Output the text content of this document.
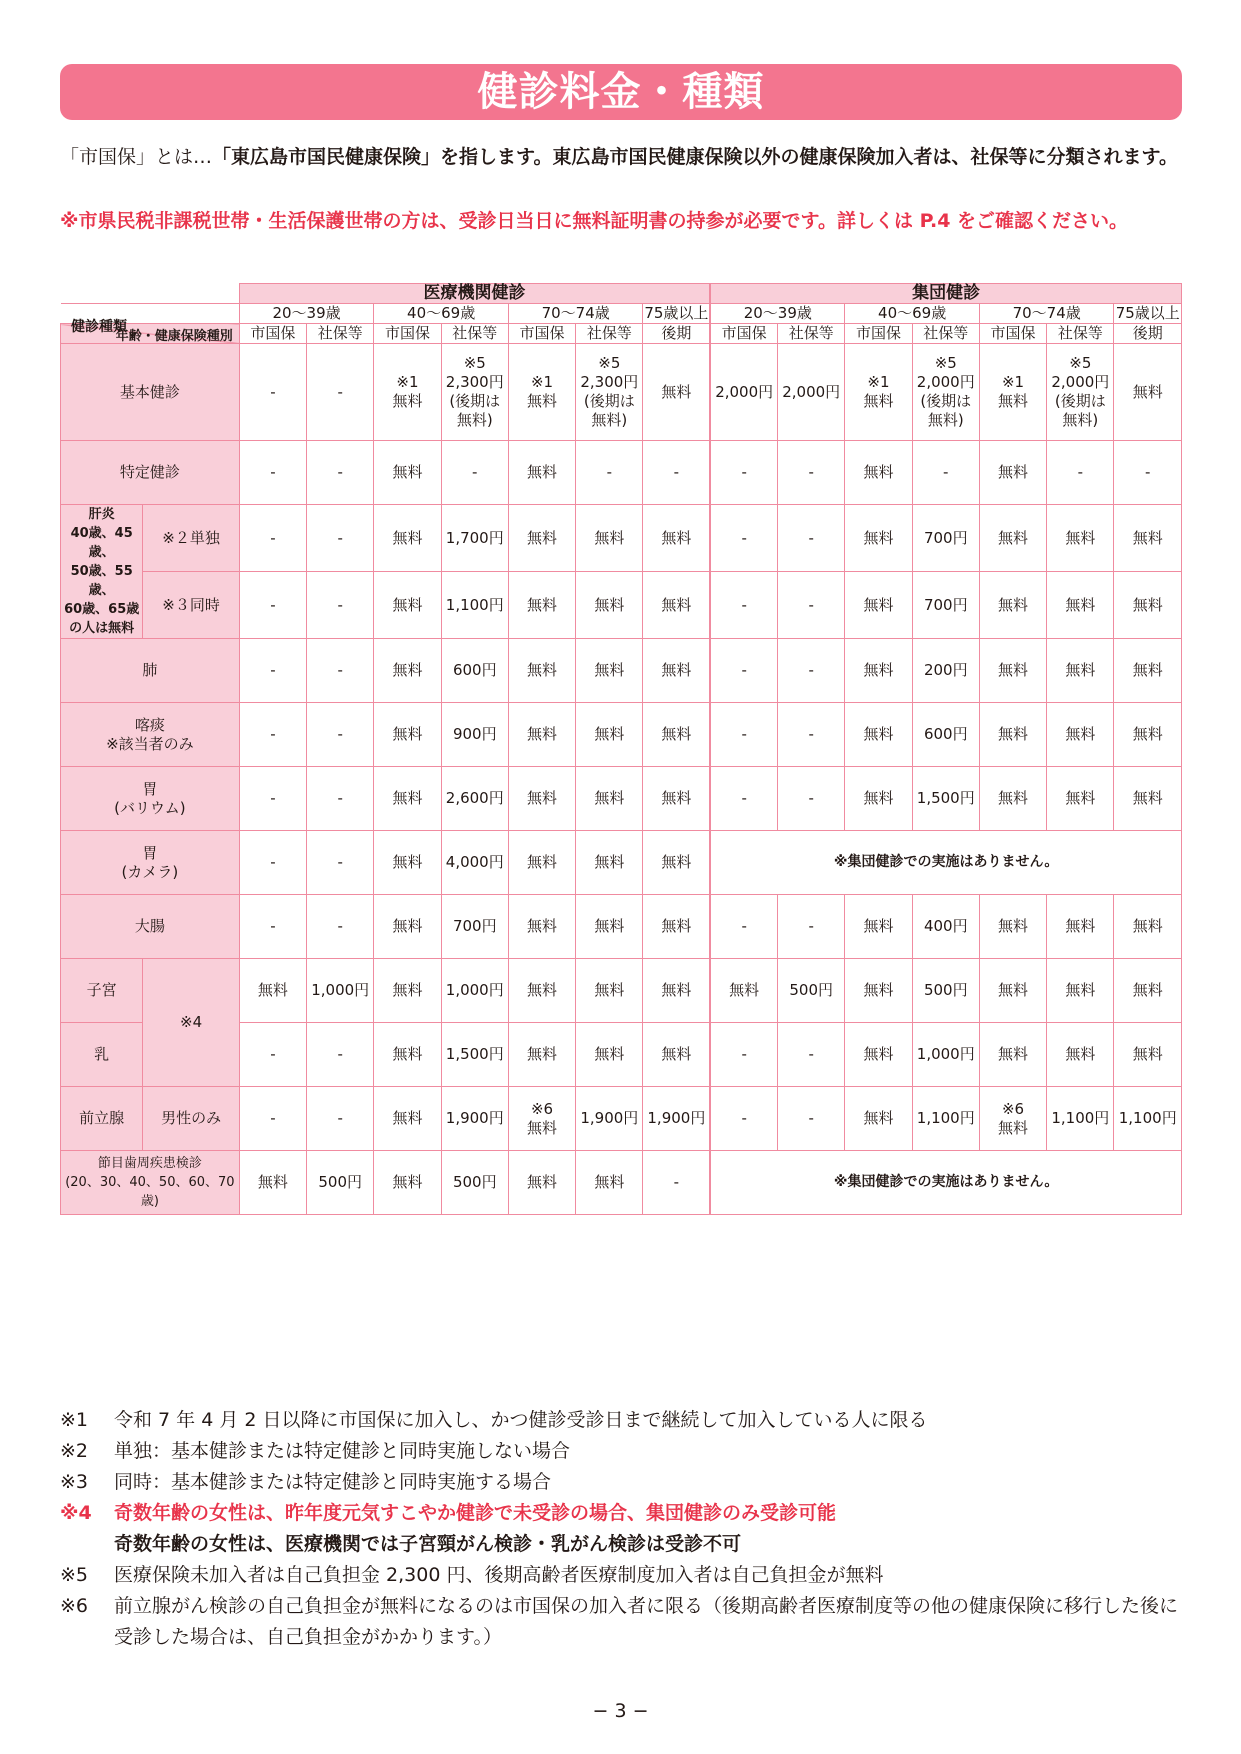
健診料金・種類
「市国保」とは…「東広島市国民健康保険」を指します。東広島市国民健康保険以外の健康保険加入者は、社保等に分類されます。
※市県民税非課税世帯・生活保護世帯の方は、受診日当日に無料証明書の持参が必要です。詳しくは P.4 をご確認ください。
		医療機関健診							集団健診						
		20〜39歳		40〜69歳		70〜74歳		75歳以上	20〜39歳		40〜69歳		70〜74歳		75歳以上

年齢・健康保険種別
健診種類		市国保	社保等	市国保	社保等	市国保	社保等	後期	市国保	社保等	市国保	社保等	市国保	社保等	後期
基本健診		-	-	※1
無料	※5
2,300円
(後期は
無料)	※1
無料	※5
2,300円
(後期は
無料)	無料	2,000円	2,000円	※1
無料	※5
2,000円
(後期は
無料)	※1
無料	※5
2,000円
(後期は
無料)	無料
特定健診		-	-	無料	-	無料	-	-	-	-	無料	-	無料	-	-
肝炎
40歳、45歳、
50歳、55歳、
60歳、65歳
の人は無料	※２単独	-	-	無料	1,700円	無料	無料	無料	-	-	無料	700円	無料	無料	無料
	※３同時	-	-	無料	1,100円	無料	無料	無料	-	-	無料	700円	無料	無料	無料
肺		-	-	無料	600円	無料	無料	無料	-	-	無料	200円	無料	無料	無料
喀痰
※該当者のみ		-	-	無料	900円	無料	無料	無料	-	-	無料	600円	無料	無料	無料
胃
(バリウム)		-	-	無料	2,600円	無料	無料	無料	-	-	無料	1,500円	無料	無料	無料
胃
(カメラ)		-	-	無料	4,000円	無料	無料	無料	※集団健診での実施はありません。						
大腸		-	-	無料	700円	無料	無料	無料	-	-	無料	400円	無料	無料	無料
子宮	※4	無料	1,000円	無料	1,000円	無料	無料	無料	無料	500円	無料	500円	無料	無料	無料
乳		-	-	無料	1,500円	無料	無料	無料	-	-	無料	1,000円	無料	無料	無料
前立腺	男性のみ	-	-	無料	1,900円	※6
無料	1,900円	1,900円	-	-	無料	1,100円	※6
無料	1,100円	1,100円
節目歯周疾患検診
(20、30、40、50、60、70 歳)		無料	500円	無料	500円	無料	無料	-	※集団健診での実施はありません。						
※1	令和 7 年 4 月 2 日以降に市国保に加入し、かつ健診受診日まで継続して加入している人に限る
※2	単独：基本健診または特定健診と同時実施しない場合
※3	同時：基本健診または特定健診と同時実施する場合
※4	奇数年齢の女性は、昨年度元気すこやか健診で未受診の場合、集団健診のみ受診可能
奇数年齢の女性は、医療機関では子宮頸がん検診・乳がん検診は受診不可
※5	医療保険未加入者は自己負担金 2,300 円、後期高齢者医療制度加入者は自己負担金が無料
※6	前立腺がん検診の自己負担金が無料になるのは市国保の加入者に限る（後期高齢者医療制度等の他の健康保険に移行した後に受診した場合は、自己負担金がかかります。）
− 3 −
